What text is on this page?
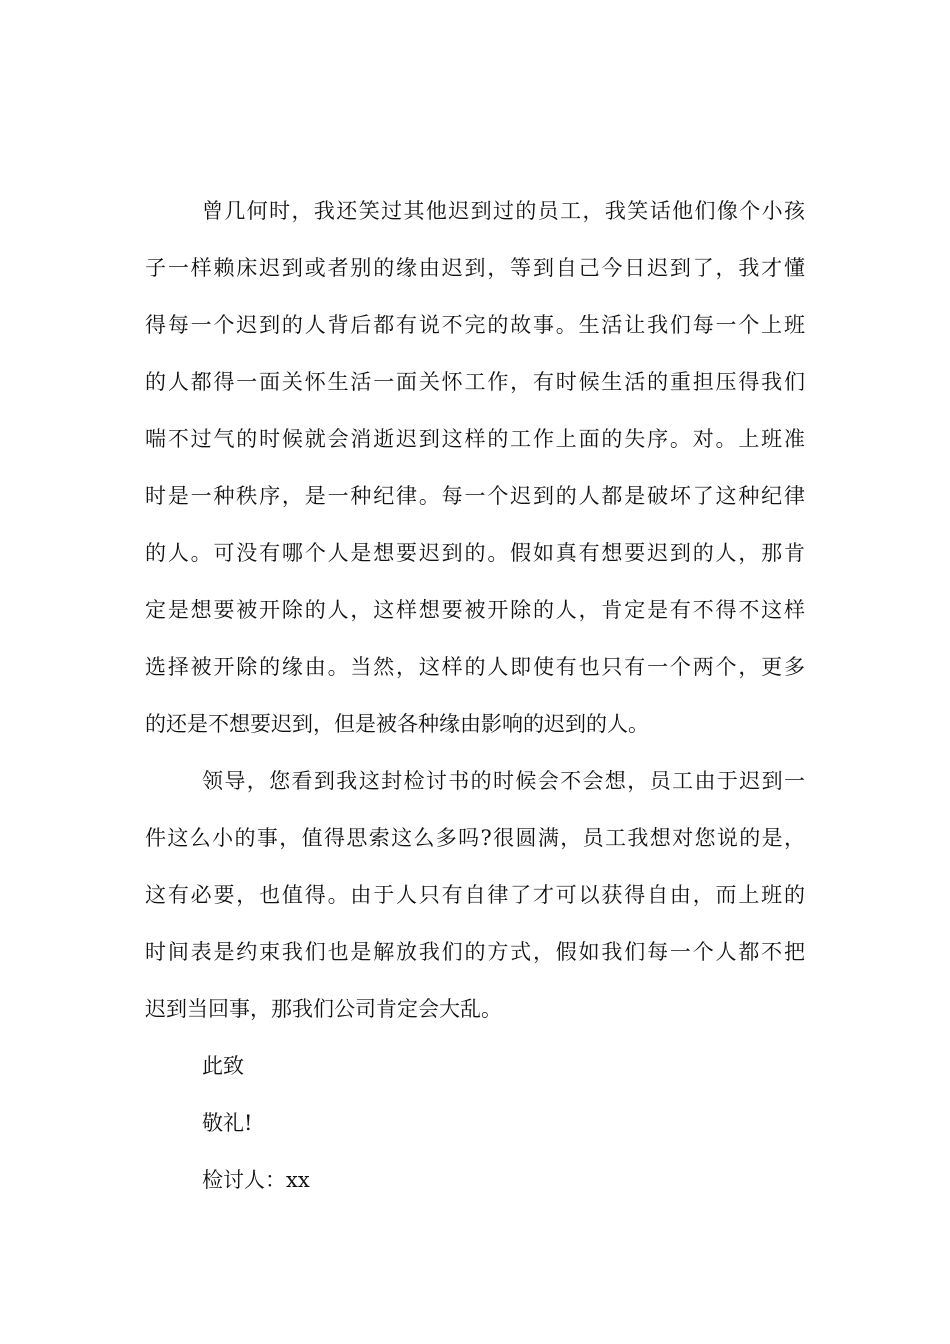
曾几何时，我还笑过其他迟到过的员工，我笑话他们像个小孩
子一样赖床迟到或者别的缘由迟到，等到自己今日迟到了，我才懂
得每一个迟到的人背后都有说不完的故事。生活让我们每一个上班
的人都得一面关怀生活一面关怀工作，有时候生活的重担压得我们
喘不过气的时候就会消逝迟到这样的工作上面的失序。对。上班准
时是一种秩序，是一种纪律。每一个迟到的人都是破坏了这种纪律
的人。可没有哪个人是想要迟到的。假如真有想要迟到的人，那肯
定是想要被开除的人，这样想要被开除的人，肯定是有不得不这样
选择被开除的缘由。当然，这样的人即使有也只有一个两个，更多
的还是不想要迟到，但是被各种缘由影响的迟到的人。
领导，您看到我这封检讨书的时候会不会想，员工由于迟到一
件这么小的事，值得思索这么多吗?很圆满，员工我想对您说的是，
这有必要，也值得。由于人只有自律了才可以获得自由，而上班的
时间表是约束我们也是解放我们的方式，假如我们每一个人都不把
迟到当回事，那我们公司肯定会大乱。
此致
敬礼!
检讨人：xx
